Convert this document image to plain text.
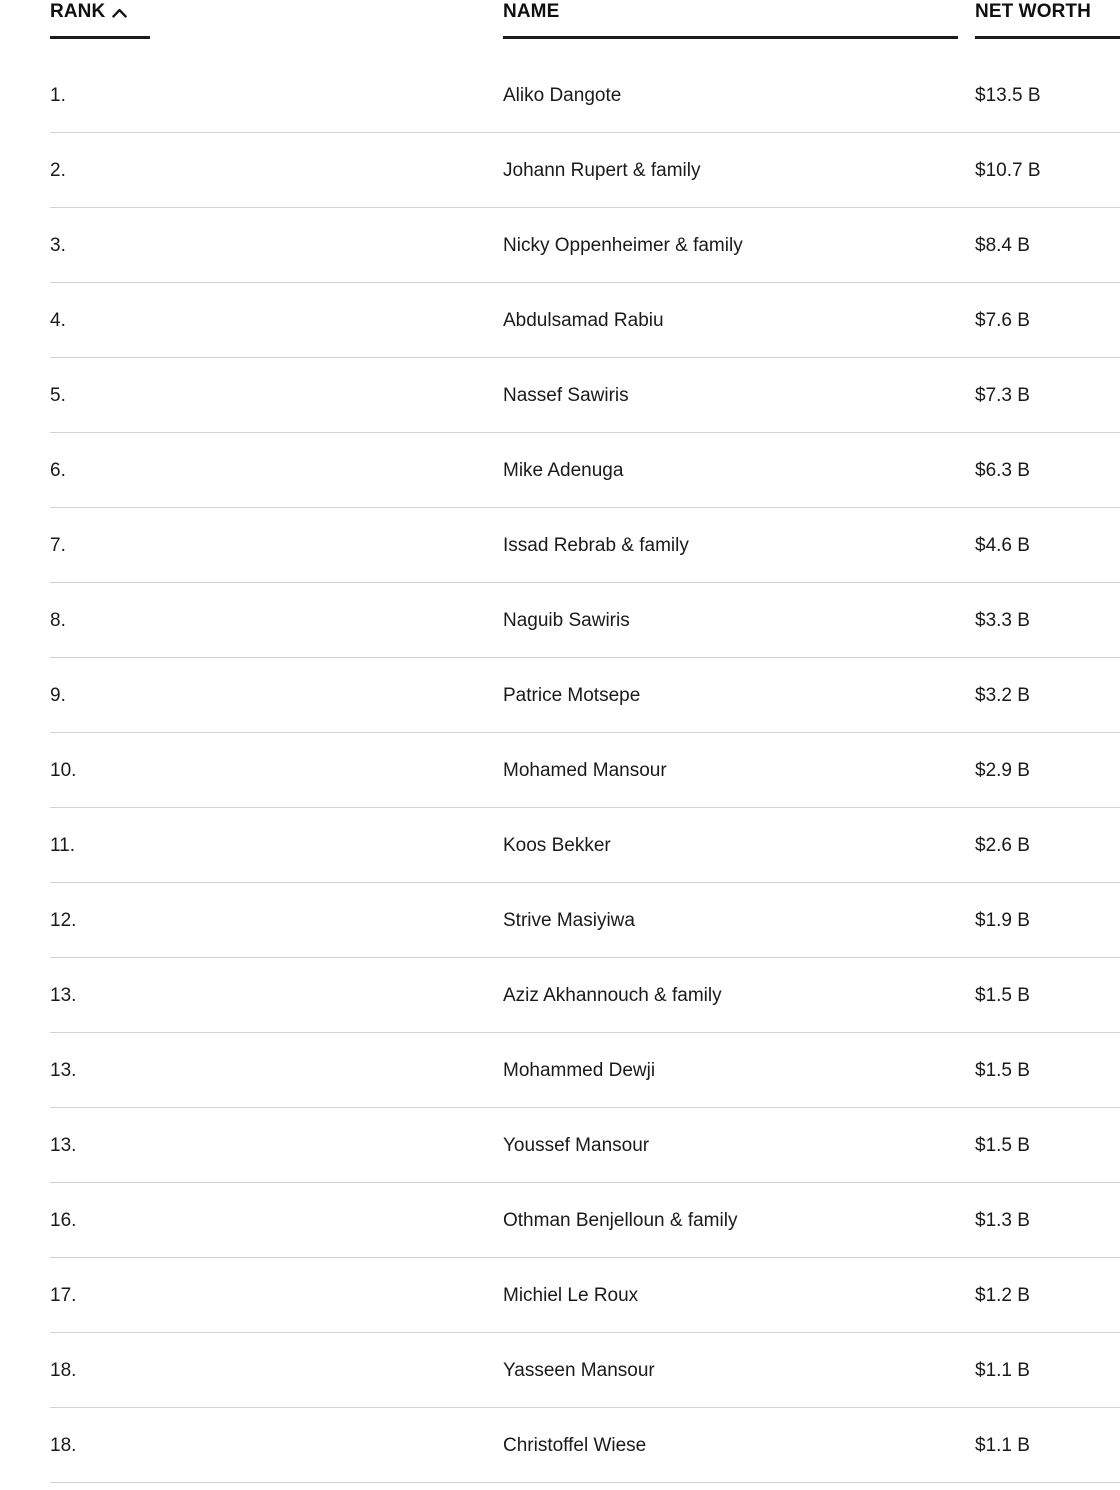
RANK	NAME	NET WORTH
1.	Aliko Dangote	$13.5 B
2.	Johann Rupert & family	$10.7 B
3.	Nicky Oppenheimer & family	$8.4 B
4.	Abdulsamad Rabiu	$7.6 B
5.	Nassef Sawiris	$7.3 B
6.	Mike Adenuga	$6.3 B
7.	Issad Rebrab & family	$4.6 B
8.	Naguib Sawiris	$3.3 B
9.	Patrice Motsepe	$3.2 B
10.	Mohamed Mansour	$2.9 B
11.	Koos Bekker	$2.6 B
12.	Strive Masiyiwa	$1.9 B
13.	Aziz Akhannouch & family	$1.5 B
13.	Mohammed Dewji	$1.5 B
13.	Youssef Mansour	$1.5 B
16.	Othman Benjelloun & family	$1.3 B
17.	Michiel Le Roux	$1.2 B
18.	Yasseen Mansour	$1.1 B
18.	Christoffel Wiese	$1.1 B
